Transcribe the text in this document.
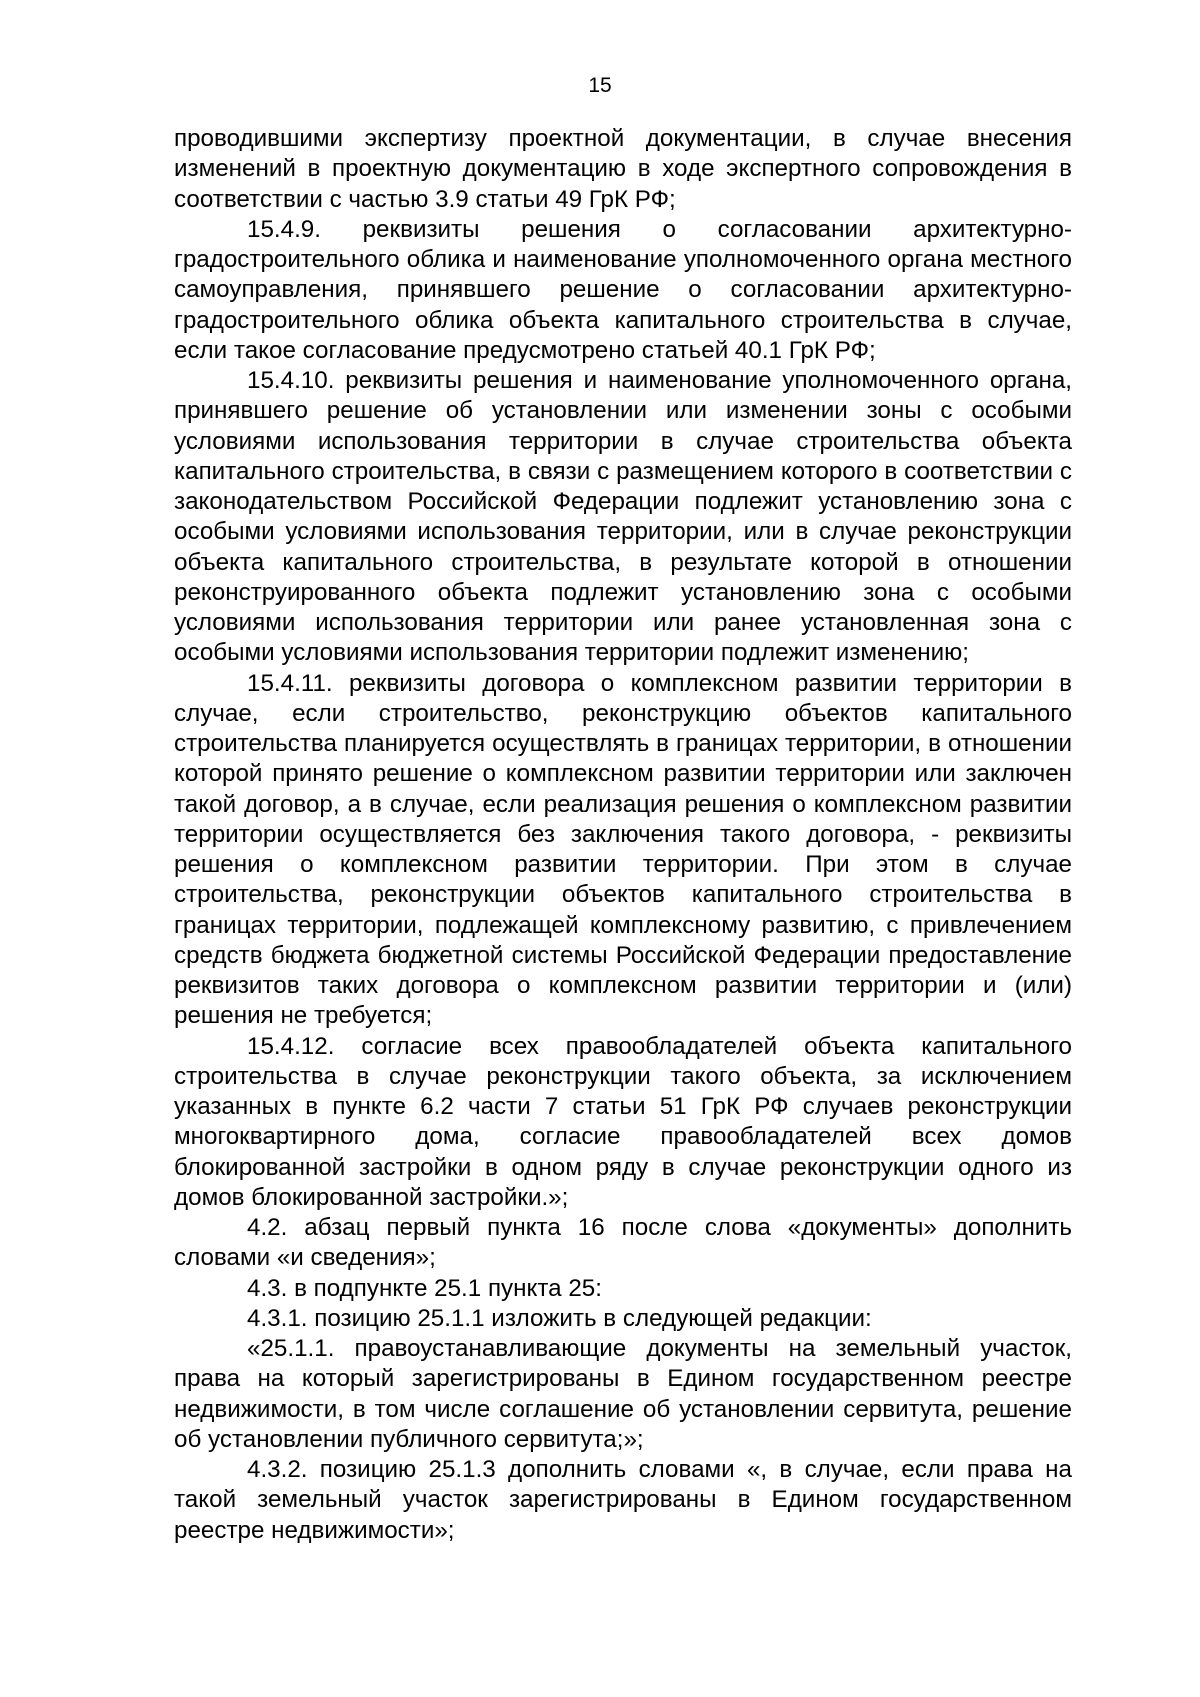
15

проводившими экспертизу проектной документации, в случае внесения изменений в проектную документацию в ходе экспертного сопровождения в соответствии с частью 3.9 статьи 49 ГрК РФ;

15.4.9. реквизиты решения о согласовании архитектурно-градостроительного облика и наименование уполномоченного органа местного самоуправления, принявшего решение о согласовании архитектурно-градостроительного облика объекта капитального строительства в случае, если такое согласование предусмотрено статьей 40.1 ГрК РФ;

15.4.10. реквизиты решения и наименование уполномоченного органа, принявшего решение об установлении или изменении зоны с особыми условиями использования территории в случае строительства объекта капитального строительства, в связи с размещением которого в соответствии с законодательством Российской Федерации подлежит установлению зона с особыми условиями использования территории, или в случае реконструкции объекта капитального строительства, в результате которой в отношении реконструированного объекта подлежит установлению зона с особыми условиями использования территории или ранее установленная зона с особыми условиями использования территории подлежит изменению;

15.4.11. реквизиты договора о комплексном развитии территории в случае, если строительство, реконструкцию объектов капитального строительства планируется осуществлять в границах территории, в отношении которой принято решение о комплексном развитии территории или заключен такой договор, а в случае, если реализация решения о комплексном развитии территории осуществляется без заключения такого договора, - реквизиты решения о комплексном развитии территории. При этом в случае строительства, реконструкции объектов капитального строительства в границах территории, подлежащей комплексному развитию, с привлечением средств бюджета бюджетной системы Российской Федерации предоставление реквизитов таких договора о комплексном развитии территории и (или) решения не требуется;

15.4.12. согласие всех правообладателей объекта капитального строительства в случае реконструкции такого объекта, за исключением указанных в пункте 6.2 части 7 статьи 51 ГрК РФ случаев реконструкции многоквартирного дома, согласие правообладателей всех домов блокированной застройки в одном ряду в случае реконструкции одного из домов блокированной застройки.»;

4.2. абзац первый пункта 16 после слова «документы» дополнить словами «и сведения»;

4.3. в подпункте 25.1 пункта 25:

4.3.1. позицию 25.1.1 изложить в следующей редакции:

«25.1.1. правоустанавливающие документы на земельный участок, права на который зарегистрированы в Едином государственном реестре недвижимости, в том числе соглашение об установлении сервитута, решение об установлении публичного сервитута;»;

4.3.2. позицию 25.1.3 дополнить словами «, в случае, если права на такой земельный участок зарегистрированы в Едином государственном реестре недвижимости»;
